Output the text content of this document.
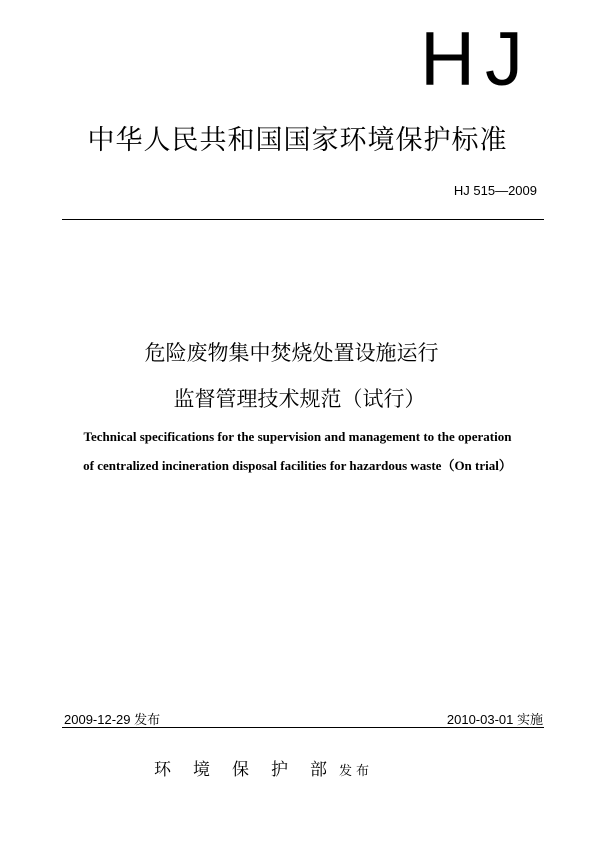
HJ
中华人民共和国国家环境保护标准
HJ 515—2009
危险废物集中焚烧处置设施运行
监督管理技术规范（试行）
Technical specifications for the supervision and management to the operation
of centralized incineration disposal facilities for hazardous waste（On trial）
2009-12-29 发布	2010-03-01 实施
环境保护部 发布
